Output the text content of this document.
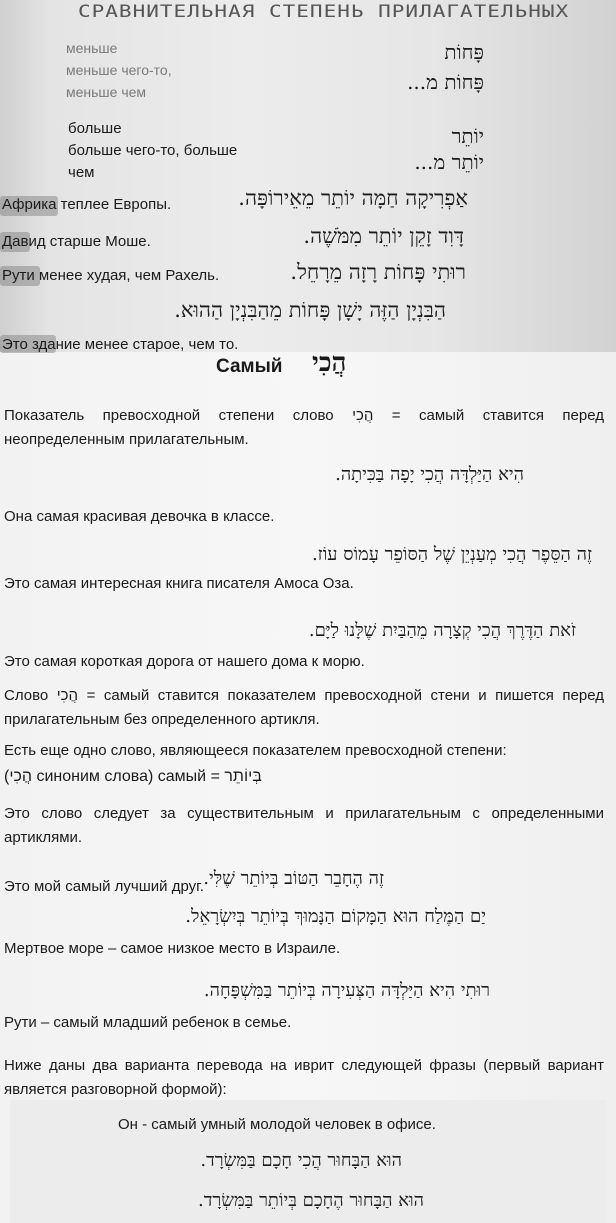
СРАВНИТЕЛЬНАЯ СТЕПЕНЬ ПРИЛАГАТЕЛЬНЫХ
меньше	פָּחוֹת
меньше чего-то,
меньше чем	פָּחוֹת מ...
больше	יוֹתֵר
больше чего-то, больше
чем	יוֹתֵר מ...
Африка теплее Европы.	אַפְרִיקָה חַמָּה יוֹתֵר מֵאֵירוֹפָּה.
Давид старше Моше.	דָּוִד זָקֵן יוֹתֵר מִמֹּשֶׁה.
Рути менее худая, чем Рахель.	רוּתִי פָּחוֹת רָזָה מֵרָחֵל.
הַבִּנְיָן הַזֶּה יָשָׁן פָּחוֹת מֵהַבִּנְיָן הַהוּא.
Это здание менее старое, чем то.
Самый הֲכִי
Показатель превосходной степени слово הֲכִי = самый ставится перед неопределенным прилагательным.
הִיא הַיַּלְדָּה הֲכִי יָפָה בַּכִּיתָה.
Она самая красивая девочка в классе.
זֶה הַסֵּפֶר הֲכִי מְעַנְיֵן שֶׁל הַסּוֹפֵר עָמוֹס עוֹז.
Это самая интересная книга писателя Амоса Оза.
זֹאת הַדֶּרֶךְ הֲכִי קְצָרָה מֵהַבַּיִת שֶׁלָּנוּ לַיָּם.
Это самая короткая дорога от нашего дома к морю.
Слово הֲכִי = самый ставится показателем превосходной стени и пишется перед прилагательным без определенного артикля.
Есть еще одно слово, являющееся показателем превосходной степени:
בְּיוֹתֵר = самый (синоним слова הֲכִי)
Это слово следует за существительным и прилагательным с определенными артиклями.
Это мой самый лучший друг. זֶה הֶחָבֵר הַטּוֹב בְּיוֹתֵר שֶׁלִּי.
יַם הַמֶּלַח הוּא הַמָּקוֹם הַנָּמוּךְ בְּיוֹתֵר בְּיִשְׂרָאֵל.
Мертвое море – самое низкое место в Израиле.
רוּתִי הִיא הַיַּלְדָּה הַצְּעִירָה בְּיוֹתֵר בַּמִּשְׁפָּחָה.
Рути – самый младший ребенок в семье.
Ниже даны два варианта перевода на иврит следующей фразы (первый вариант является разговорной формой):
Он - самый умный молодой человек в офисе.
הוּא הַבָּחוּר הֲכִי חָכָם בַּמִּשְׂרָד.
הוּא הַבָּחוּר הֶחָכָם בְּיוֹתֵר בַּמִּשְׂרָד.
